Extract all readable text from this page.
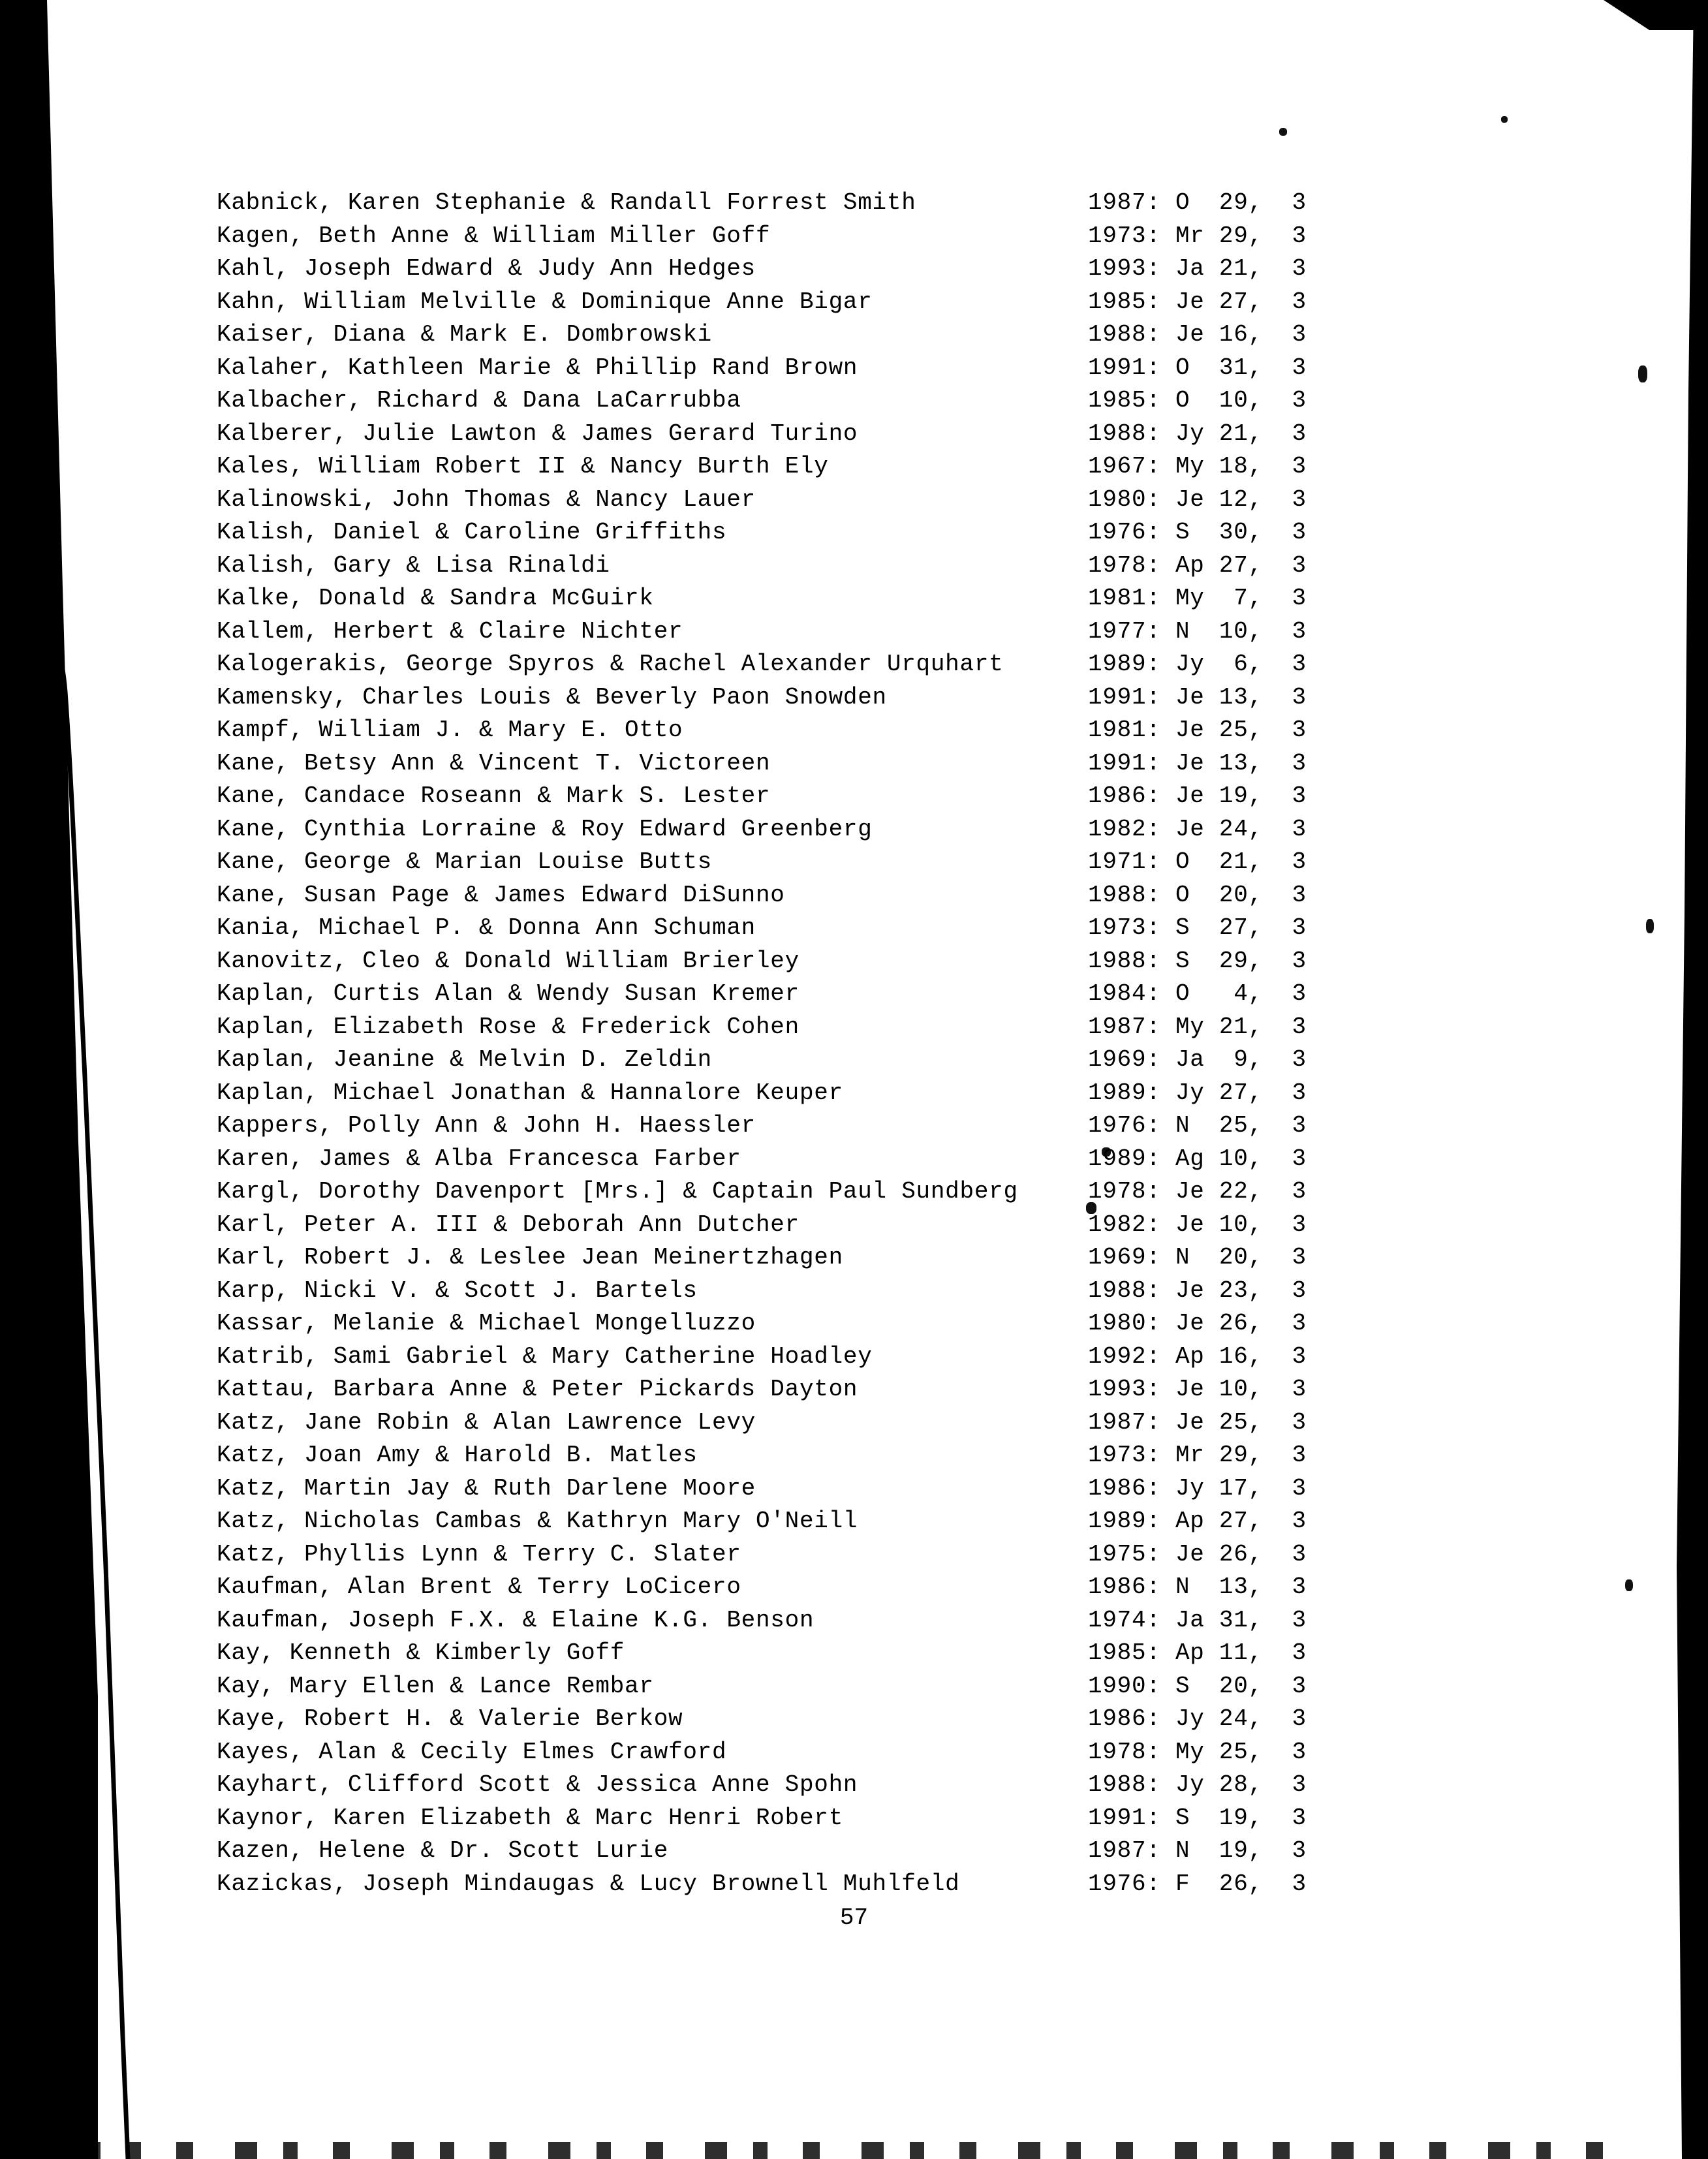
Kabnick, Karen Stephanie & Randall Forrest Smith	1987: O  29,  3
Kagen, Beth Anne & William Miller Goff	1973: Mr 29,  3
Kahl, Joseph Edward & Judy Ann Hedges	1993: Ja 21,  3
Kahn, William Melville & Dominique Anne Bigar	1985: Je 27,  3
Kaiser, Diana & Mark E. Dombrowski	1988: Je 16,  3
Kalaher, Kathleen Marie & Phillip Rand Brown	1991: O  31,  3
Kalbacher, Richard & Dana LaCarrubba	1985: O  10,  3
Kalberer, Julie Lawton & James Gerard Turino	1988: Jy 21,  3
Kales, William Robert II & Nancy Burth Ely	1967: My 18,  3
Kalinowski, John Thomas & Nancy Lauer	1980: Je 12,  3
Kalish, Daniel & Caroline Griffiths	1976: S  30,  3
Kalish, Gary & Lisa Rinaldi	1978: Ap 27,  3
Kalke, Donald & Sandra McGuirk	1981: My  7,  3
Kallem, Herbert & Claire Nichter	1977: N  10,  3
Kalogerakis, George Spyros & Rachel Alexander Urquhart	1989: Jy  6,  3
Kamensky, Charles Louis & Beverly Paon Snowden	1991: Je 13,  3
Kampf, William J. & Mary E. Otto	1981: Je 25,  3
Kane, Betsy Ann & Vincent T. Victoreen	1991: Je 13,  3
Kane, Candace Roseann & Mark S. Lester	1986: Je 19,  3
Kane, Cynthia Lorraine & Roy Edward Greenberg	1982: Je 24,  3
Kane, George & Marian Louise Butts	1971: O  21,  3
Kane, Susan Page & James Edward DiSunno	1988: O  20,  3
Kania, Michael P. & Donna Ann Schuman	1973: S  27,  3
Kanovitz, Cleo & Donald William Brierley	1988: S  29,  3
Kaplan, Curtis Alan & Wendy Susan Kremer	1984: O   4,  3
Kaplan, Elizabeth Rose & Frederick Cohen	1987: My 21,  3
Kaplan, Jeanine & Melvin D. Zeldin	1969: Ja  9,  3
Kaplan, Michael Jonathan & Hannalore Keuper	1989: Jy 27,  3
Kappers, Polly Ann & John H. Haessler	1976: N  25,  3
Karen, James & Alba Francesca Farber	1989: Ag 10,  3
Kargl, Dorothy Davenport [Mrs.] & Captain Paul Sundberg	1978: Je 22,  3
Karl, Peter A. III & Deborah Ann Dutcher	1982: Je 10,  3
Karl, Robert J. & Leslee Jean Meinertzhagen	1969: N  20,  3
Karp, Nicki V. & Scott J. Bartels	1988: Je 23,  3
Kassar, Melanie & Michael Mongelluzzo	1980: Je 26,  3
Katrib, Sami Gabriel & Mary Catherine Hoadley	1992: Ap 16,  3
Kattau, Barbara Anne & Peter Pickards Dayton	1993: Je 10,  3
Katz, Jane Robin & Alan Lawrence Levy	1987: Je 25,  3
Katz, Joan Amy & Harold B. Matles	1973: Mr 29,  3
Katz, Martin Jay & Ruth Darlene Moore	1986: Jy 17,  3
Katz, Nicholas Cambas & Kathryn Mary O'Neill	1989: Ap 27,  3
Katz, Phyllis Lynn & Terry C. Slater	1975: Je 26,  3
Kaufman, Alan Brent & Terry LoCicero	1986: N  13,  3
Kaufman, Joseph F.X. & Elaine K.G. Benson	1974: Ja 31,  3
Kay, Kenneth & Kimberly Goff	1985: Ap 11,  3
Kay, Mary Ellen & Lance Rembar	1990: S  20,  3
Kaye, Robert H. & Valerie Berkow	1986: Jy 24,  3
Kayes, Alan & Cecily Elmes Crawford	1978: My 25,  3
Kayhart, Clifford Scott & Jessica Anne Spohn	1988: Jy 28,  3
Kaynor, Karen Elizabeth & Marc Henri Robert	1991: S  19,  3
Kazen, Helene & Dr. Scott Lurie	1987: N  19,  3
Kazickas, Joseph Mindaugas & Lucy Brownell Muhlfeld	1976: F  26,  3
57
